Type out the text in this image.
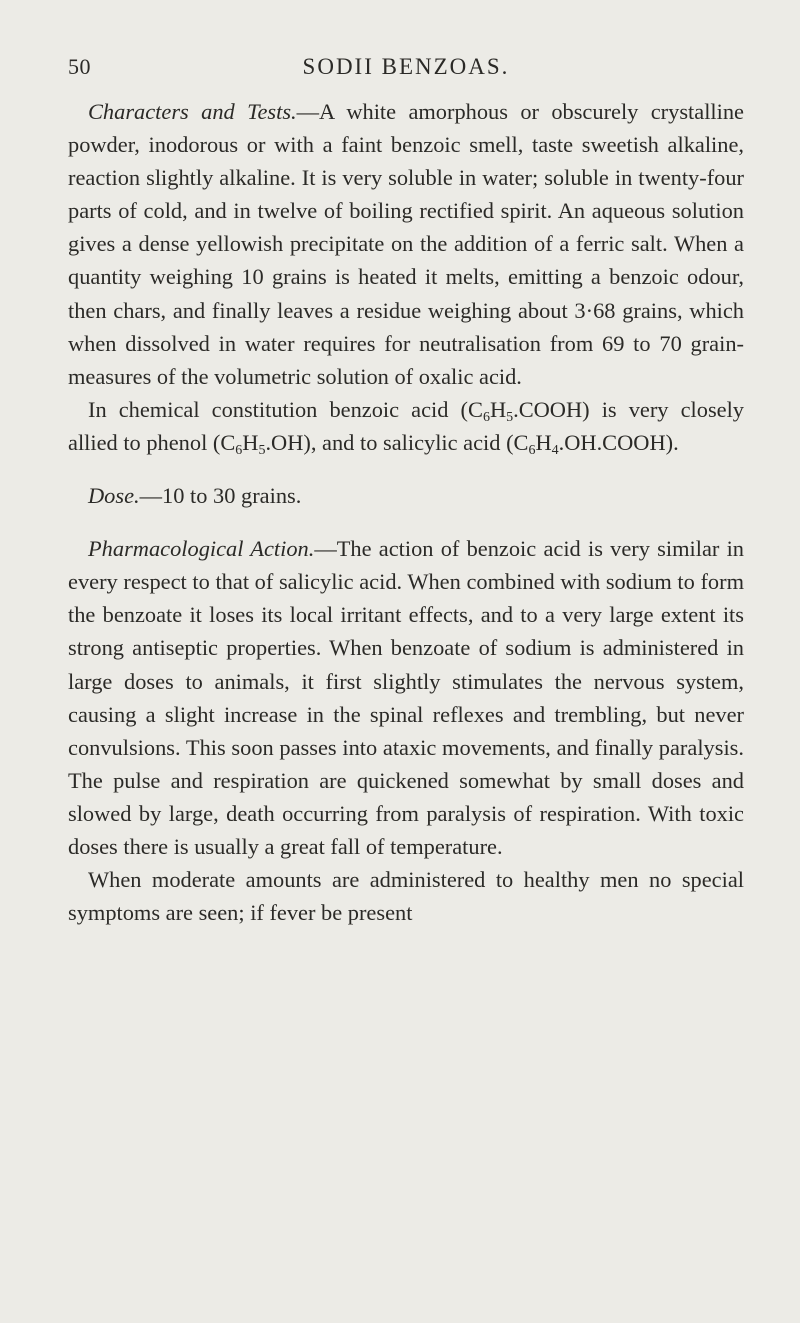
50	SODII BENZOAS.

Characters and Tests.—A white amorphous or obscurely crystalline powder, inodorous or with a faint benzoic smell, taste sweetish alkaline, reaction slightly alkaline. It is very soluble in water; soluble in twenty-four parts of cold, and in twelve of boiling rectified spirit. An aqueous solution gives a dense yellowish precipitate on the addition of a ferric salt. When a quantity weighing 10 grains is heated it melts, emitting a benzoic odour, then chars, and finally leaves a residue weighing about 3·68 grains, which when dissolved in water requires for neutralisation from 69 to 70 grain-measures of the volumetric solution of oxalic acid.

In chemical constitution benzoic acid $(C_6H_5.COOH)$ is very closely allied to phenol $(C_6H_5.OH)$, and to salicylic acid $(C_6H_4.OH.COOH)$.

Dose.—10 to 30 grains.

Pharmacological Action.—The action of benzoic acid is very similar in every respect to that of salicylic acid. When combined with sodium to form the benzoate it loses its local irritant effects, and to a very large extent its strong antiseptic properties. When benzoate of sodium is administered in large doses to animals, it first slightly stimulates the nervous system, causing a slight increase in the spinal reflexes and trembling, but never convulsions. This soon passes into ataxic movements, and finally paralysis. The pulse and respiration are quickened somewhat by small doses and slowed by large, death occurring from paralysis of respiration. With toxic doses there is usually a great fall of temperature.

When moderate amounts are administered to healthy men no special symptoms are seen; if fever be present
